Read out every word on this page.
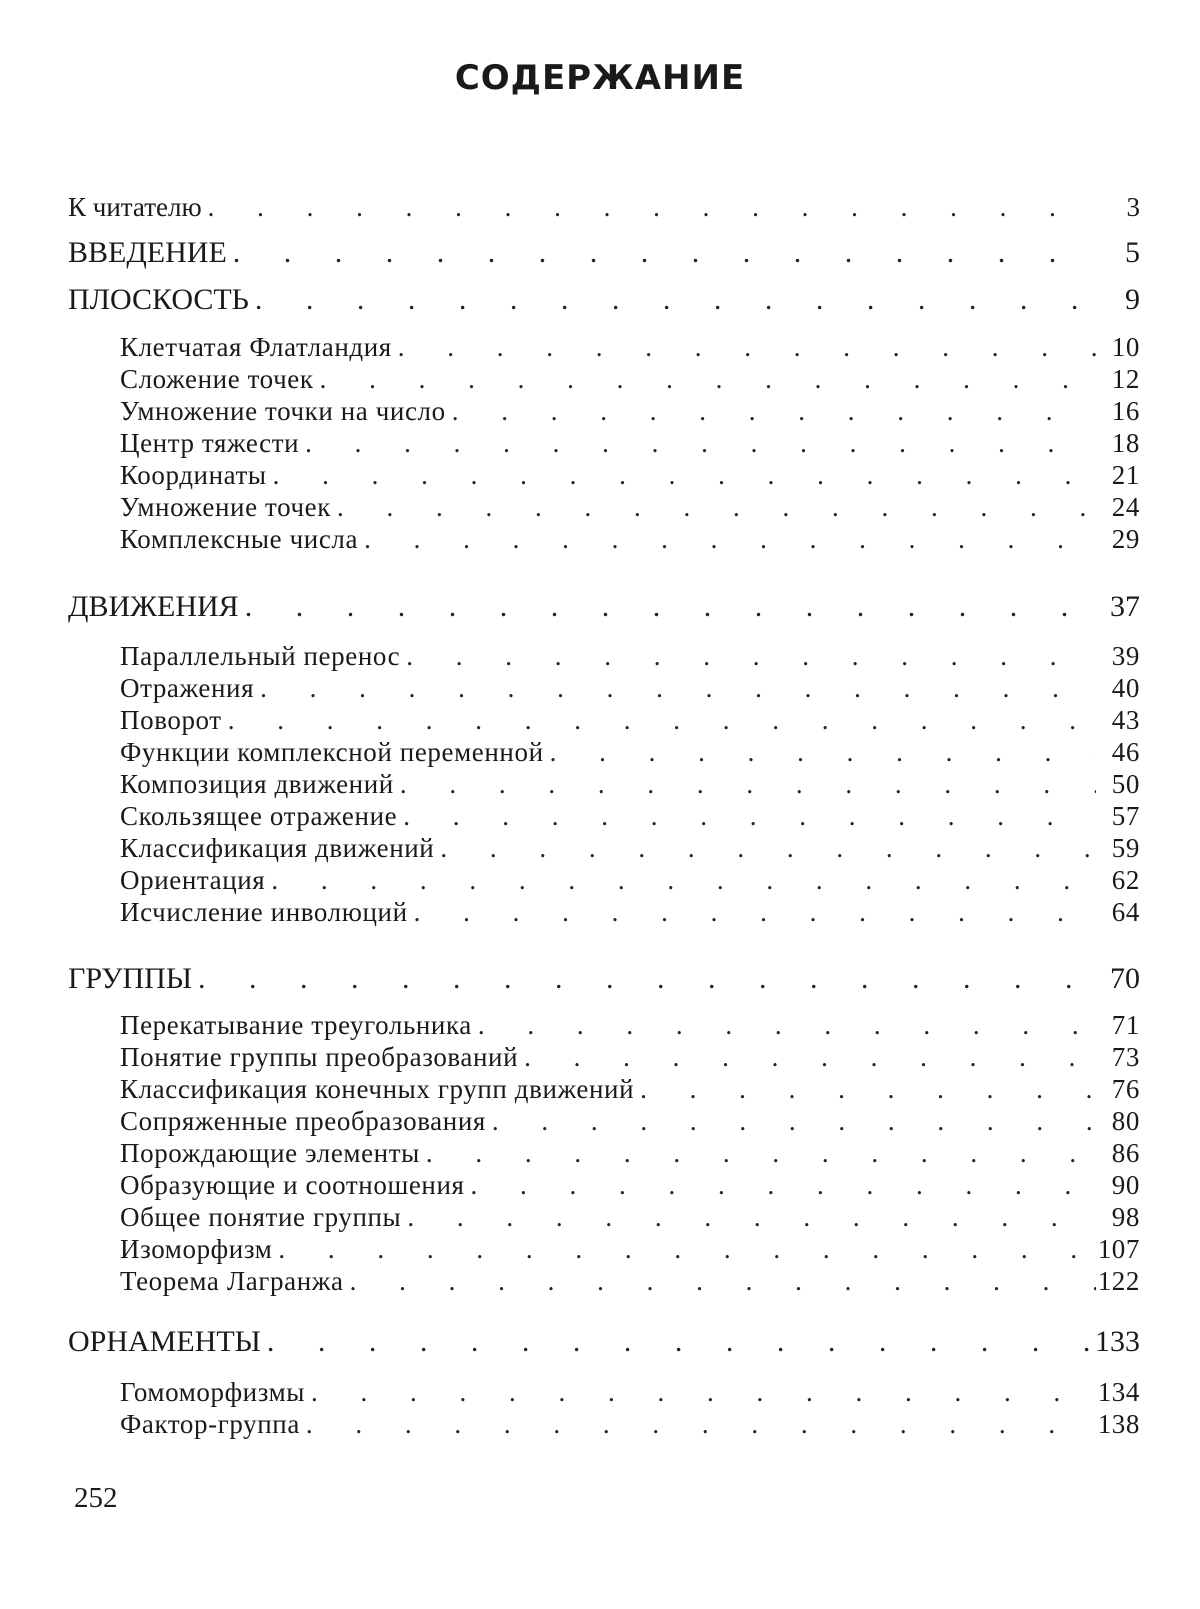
СОДЕРЖАНИЕ
К читателю . . .	3
ВВЕДЕНИЕ . . .	5
ПЛОСКОСТЬ . . .	9
Клетчатая Флатландия . . .	10
Сложение точек . . .	12
Умножение точки на число . . .	16
Центр тяжести . . .	18
Координаты . . .	21
Умножение точек . . .	24
Комплексные числа . . .	29
ДВИЖЕНИЯ . . .	37
Параллельный перенос . . .	39
Отражения . . .	40
Поворот . . .	43
Функции комплексной переменной . . .	46
Композиция движений . . .	50
Скользящее отражение . . .	57
Классификация движений . . .	59
Ориентация . . .	62
Исчисление инволюций . . .	64
ГРУППЫ . . .	70
Перекатывание треугольника . . .	71
Понятие группы преобразований . . .	73
Классификация конечных групп движений . . .	76
Сопряженные преобразования . . .	80
Порождающие элементы . . .	86
Образующие и соотношения . . .	90
Общее понятие группы . . .	98
Изоморфизм . . .	107
Теорема Лагранжа . . .	122
ОРНАМЕНТЫ . . .	133
Гомоморфизмы . . .	134
Фактор-группа . . .	138
252
